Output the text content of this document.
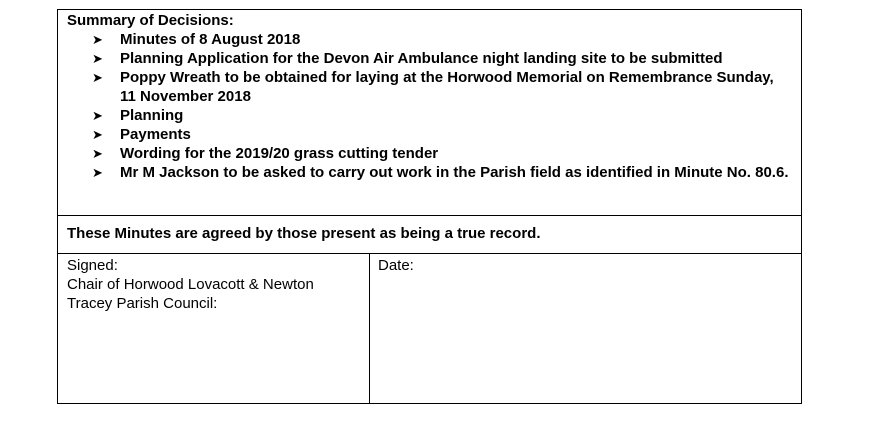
Summary of Decisions:
➤ Minutes of 8 August 2018
➤ Planning Application for the Devon Air Ambulance night landing site to be submitted
➤ Poppy Wreath to be obtained for laying at the Horwood Memorial on Remembrance Sunday, 11 November 2018
➤ Planning
➤ Payments
➤ Wording for the 2019/20 grass cutting tender
➤ Mr M Jackson to be asked to carry out work in the Parish field as identified in Minute No. 80.6.
These Minutes are agreed by those present as being a true record.
Signed:
Chair of Horwood Lovacott & Newton Tracey Parish Council:
Date:
